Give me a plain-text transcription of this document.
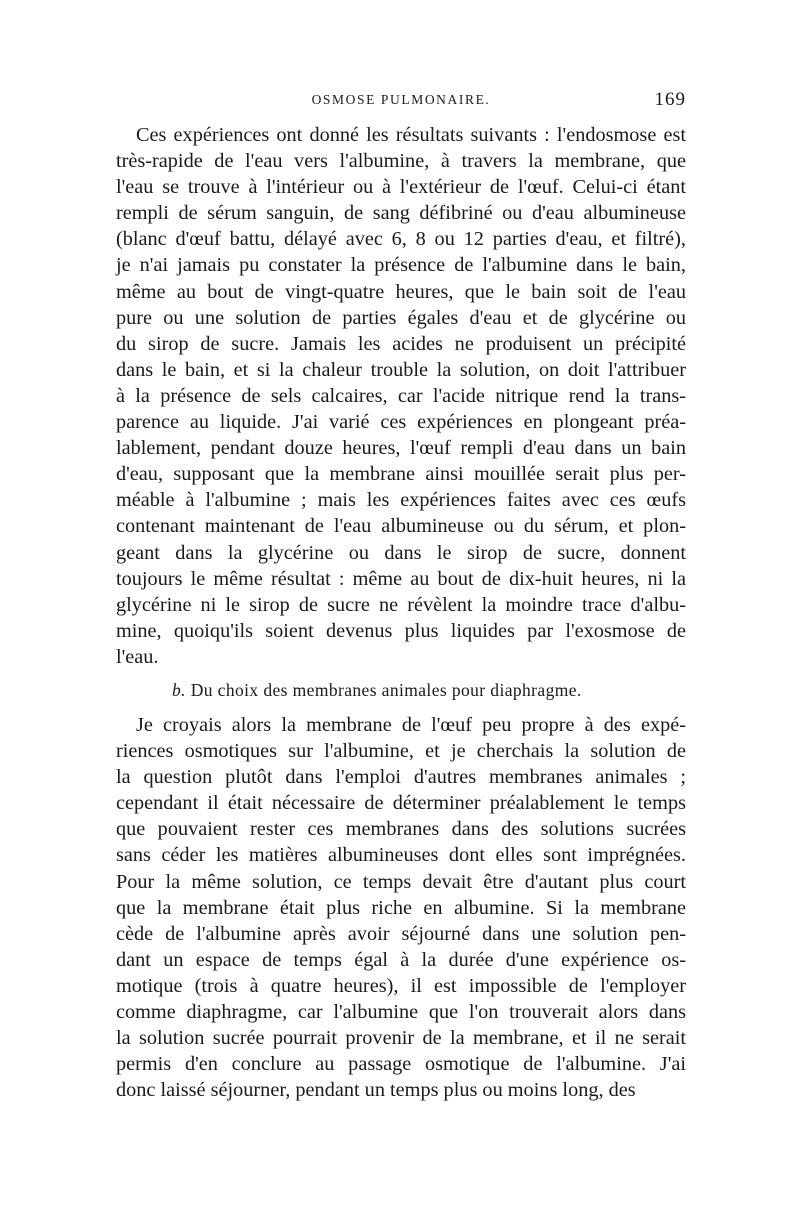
OSMOSE PULMONAIRE.	169

Ces expériences ont donné les résultats suivants : l'endosmose est
très-rapide de l'eau vers l'albumine, à travers la membrane, que
l'eau se trouve à l'intérieur ou à l'extérieur de l'œuf. Celui-ci étant
rempli de sérum sanguin, de sang défibriné ou d'eau albumineuse
(blanc d'œuf battu, délayé avec 6, 8 ou 12 parties d'eau, et filtré),
je n'ai jamais pu constater la présence de l'albumine dans le bain,
même au bout de vingt-quatre heures, que le bain soit de l'eau
pure ou une solution de parties égales d'eau et de glycérine ou
du sirop de sucre. Jamais les acides ne produisent un précipité
dans le bain, et si la chaleur trouble la solution, on doit l'attribuer
à la présence de sels calcaires, car l'acide nitrique rend la trans-
parence au liquide. J'ai varié ces expériences en plongeant préa-
lablement, pendant douze heures, l'œuf rempli d'eau dans un bain
d'eau, supposant que la membrane ainsi mouillée serait plus per-
méable à l'albumine ; mais les expériences faites avec ces œufs
contenant maintenant de l'eau albumineuse ou du sérum, et plon-
geant dans la glycérine ou dans le sirop de sucre, donnent
toujours le même résultat : même au bout de dix-huit heures, ni la
glycérine ni le sirop de sucre ne révèlent la moindre trace d'albu-
mine, quoiqu'ils soient devenus plus liquides par l'exosmose de
l'eau.

b. Du choix des membranes animales pour diaphragme.

Je croyais alors la membrane de l'œuf peu propre à des expé-
riences osmotiques sur l'albumine, et je cherchais la solution de
la question plutôt dans l'emploi d'autres membranes animales ;
cependant il était nécessaire de déterminer préalablement le temps
que pouvaient rester ces membranes dans des solutions sucrées
sans céder les matières albumineuses dont elles sont imprégnées.
Pour la même solution, ce temps devait être d'autant plus court
que la membrane était plus riche en albumine. Si la membrane
cède de l'albumine après avoir séjourné dans une solution pen-
dant un espace de temps égal à la durée d'une expérience os-
motique (trois à quatre heures), il est impossible de l'employer
comme diaphragme, car l'albumine que l'on trouverait alors dans
la solution sucrée pourrait provenir de la membrane, et il ne serait
permis d'en conclure au passage osmotique de l'albumine. J'ai
donc laissé séjourner, pendant un temps plus ou moins long, des
